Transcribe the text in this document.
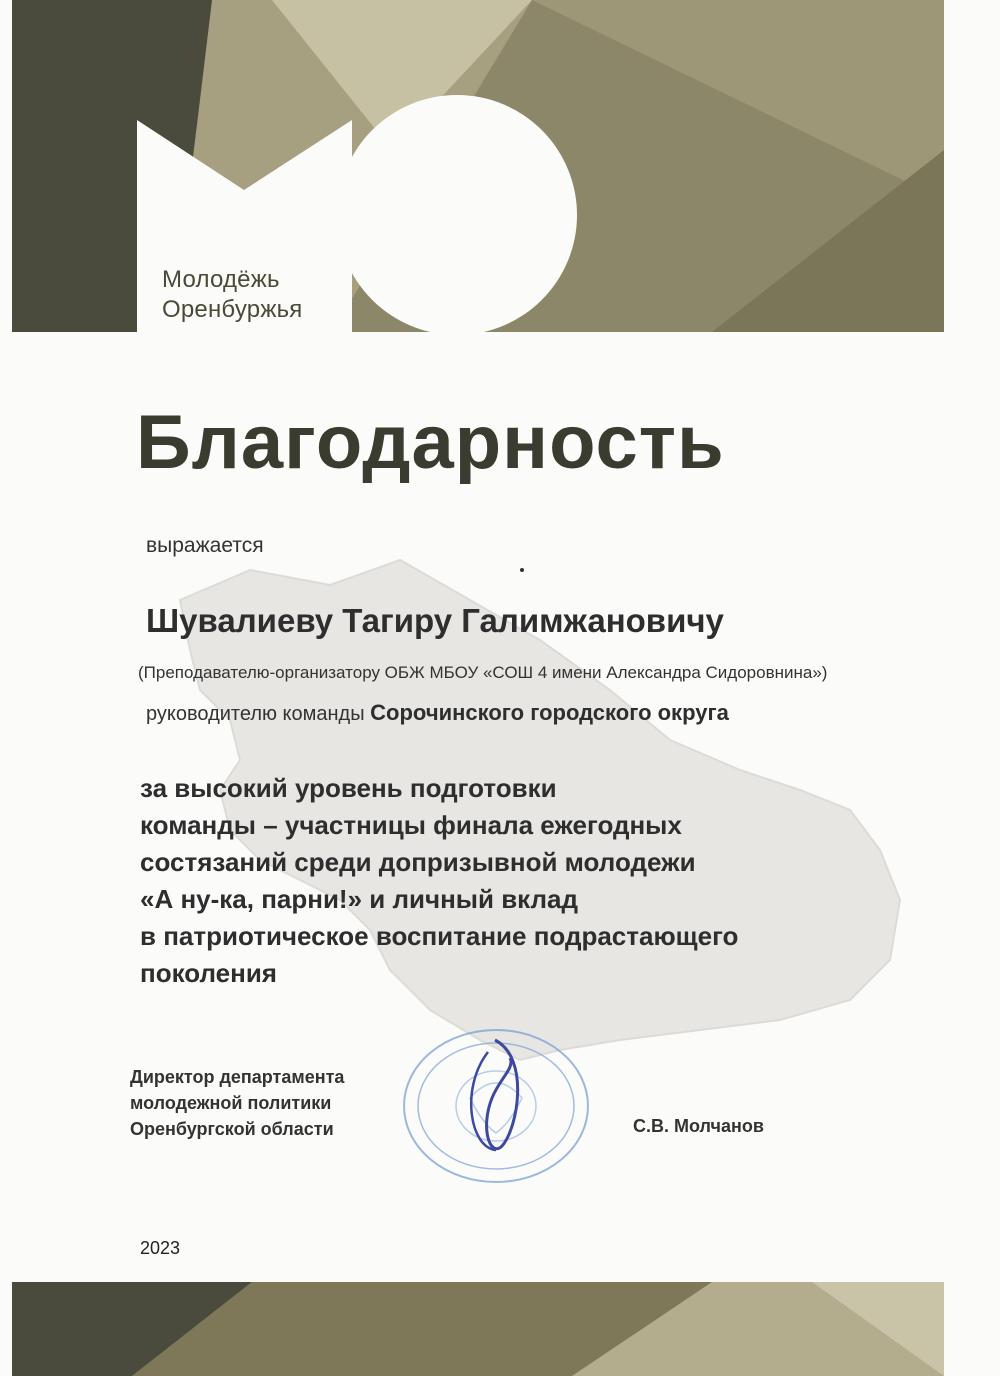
Молодёжь
Оренбуржья
Благодарность
выражается
Шувалиеву Тагиру Галимжановичу
(Преподавателю-организатору ОБЖ МБОУ «СОШ 4 имени Александра Сидоровнина»)
руководителю команды Сорочинского городского округа
за высокий уровень подготовки
команды – участницы финала ежегодных
состязаний среди допризывной молодежи
«А ну-ка, парни!» и личный вклад
в патриотическое воспитание подрастающего
поколения
Директор департамента
молодежной политики
Оренбургской области	С.В. Молчанов
2023
